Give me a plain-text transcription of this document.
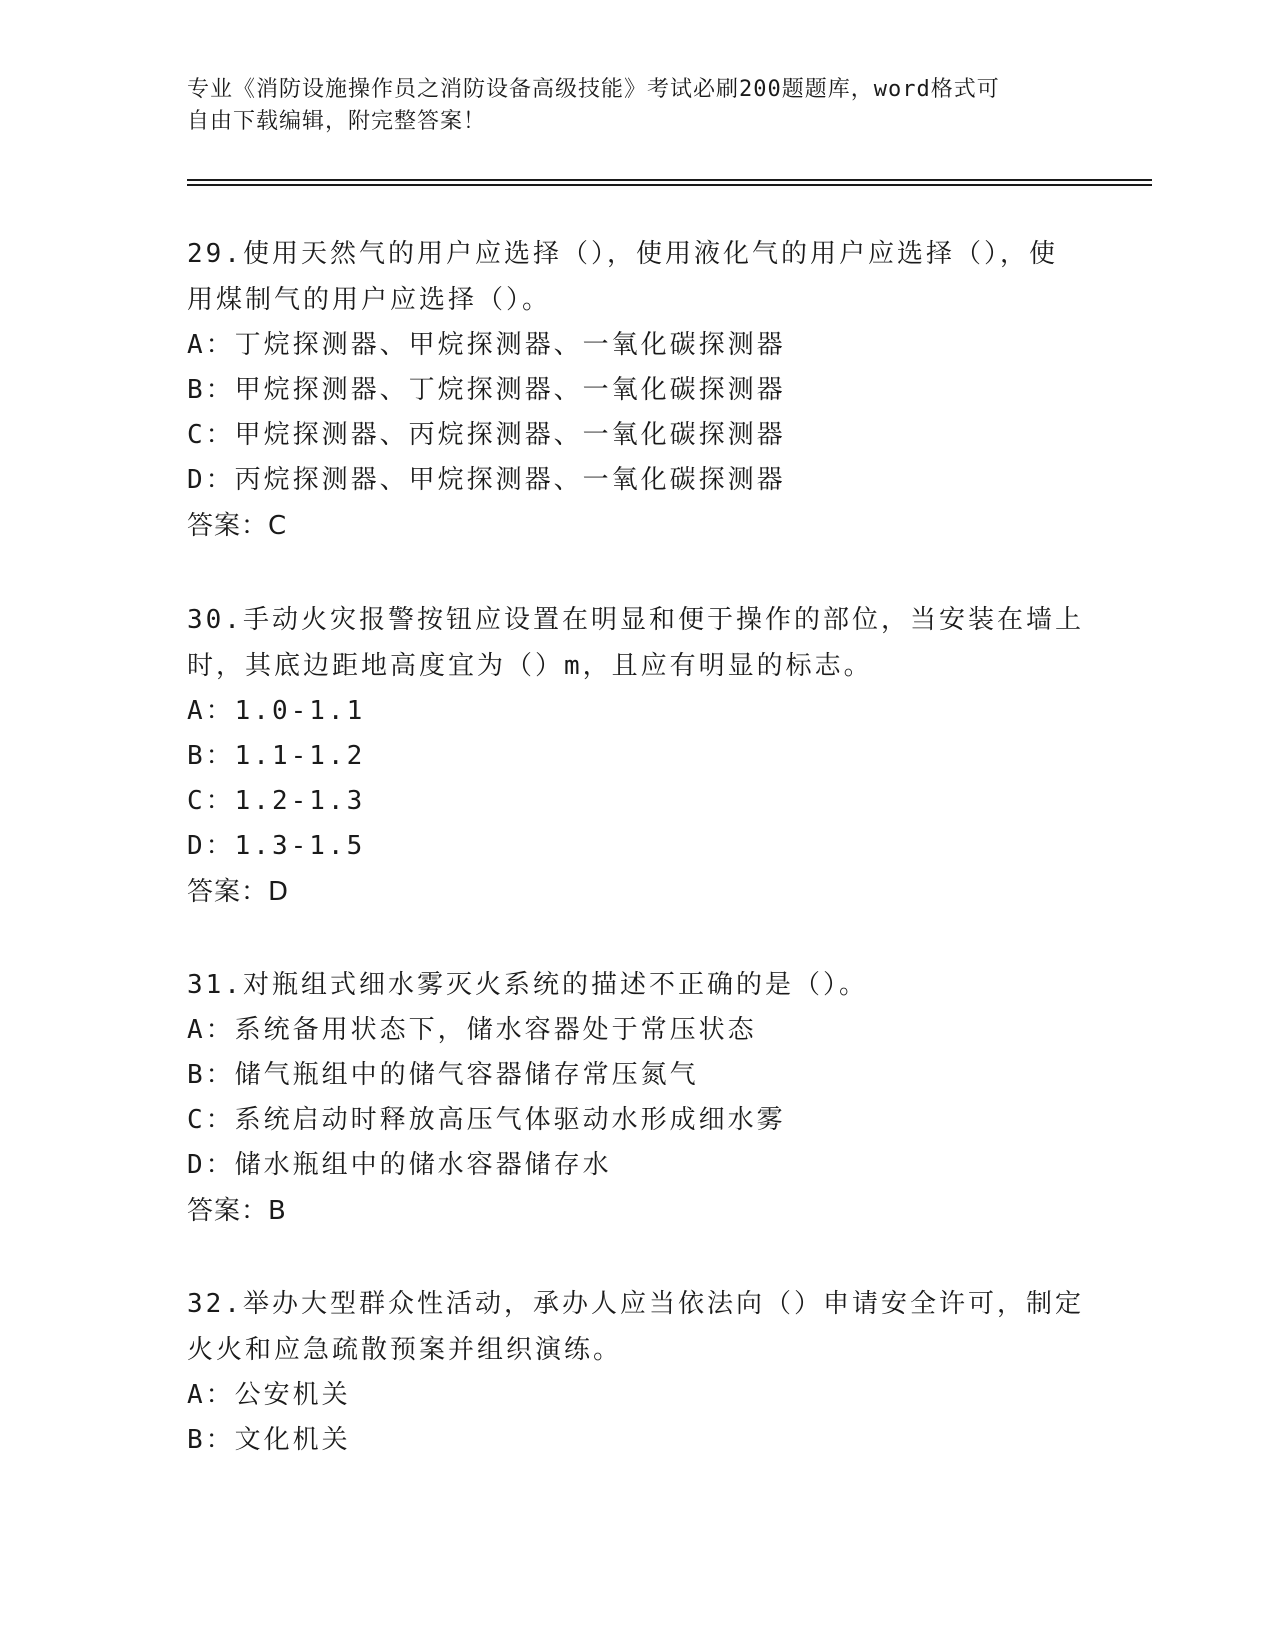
专业《消防设施操作员之消防设备高级技能》考试必刷200题题库，word格式可
自由下载编辑，附完整答案！
29.使用天然气的用户应选择（），使用液化气的用户应选择（），使
用煤制气的用户应选择（）。
A：丁烷探测器、甲烷探测器、一氧化碳探测器
B：甲烷探测器、丁烷探测器、一氧化碳探测器
C：甲烷探测器、丙烷探测器、一氧化碳探测器
D：丙烷探测器、甲烷探测器、一氧化碳探测器
答案：C
30.手动火灾报警按钮应设置在明显和便于操作的部位，当安装在墙上
时，其底边距地高度宜为（）m，且应有明显的标志。
A：1.0-1.1
B：1.1-1.2
C：1.2-1.3
D：1.3-1.5
答案：D
31.对瓶组式细水雾灭火系统的描述不正确的是（）。
A：系统备用状态下，储水容器处于常压状态
B：储气瓶组中的储气容器储存常压氮气
C：系统启动时释放高压气体驱动水形成细水雾
D：储水瓶组中的储水容器储存水
答案：B
32.举办大型群众性活动，承办人应当依法向（）申请安全许可，制定
火火和应急疏散预案并组织演练。
A：公安机关
B：文化机关
